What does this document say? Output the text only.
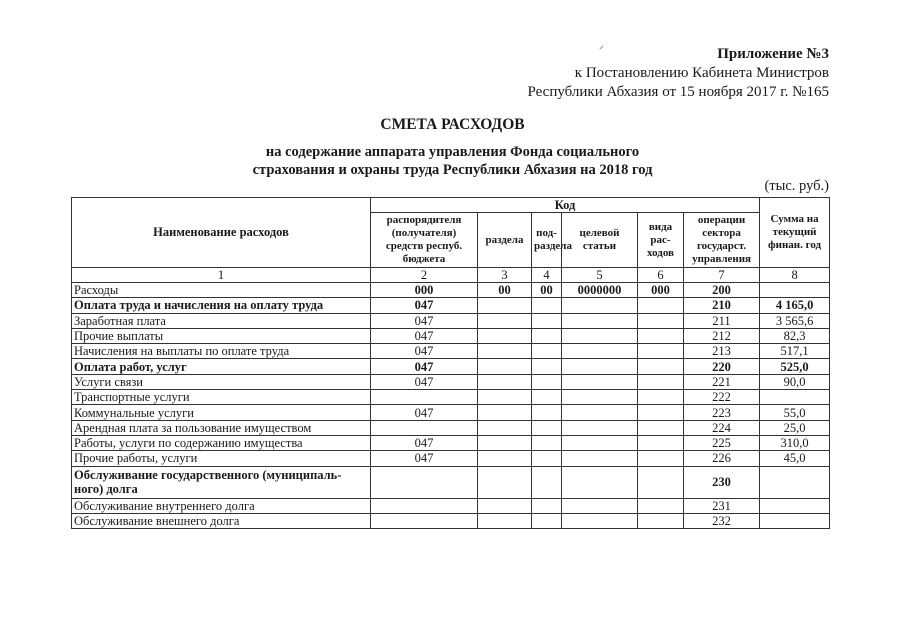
Приложение №3
к Постановлению Кабинета Министров
Республики Абхазия от 15 ноября 2017 г. №165
СМЕТА РАСХОДОВ
на содержание аппарата управления Фонда социального
страхования и охраны труда Республики Абхазия на 2018 год
(тыс. руб.)
Наименование расходов	Код						Сумма на текущий финан. год
	распорядителя (получателя) средств респуб. бюджета	раздела	под-раздела	целевой статьи	вида рас-ходов	операции сектора государст. управления	
1	2	3	4	5	6	7	8
Расходы	000	00	00	0000000	000	200	
Оплата труда и начисления на оплату труда	047					210	4 165,0
Заработная плата	047					211	3 565,6
Прочие выплаты	047					212	82,3
Начисления на выплаты по оплате труда	047					213	517,1
Оплата работ, услуг	047					220	525,0
Услуги связи	047					221	90,0
Транспортные услуги						222	
Коммунальные услуги	047					223	55,0
Арендная плата за пользование имуществом						224	25,0
Работы, услуги по содержанию имущества	047					225	310,0
Прочие работы, услуги	047					226	45,0
Обслуживание государственного (муниципаль-ного) долга						230	
Обслуживание внутреннего долга						231	
Обслуживание внешнего долга						232	
